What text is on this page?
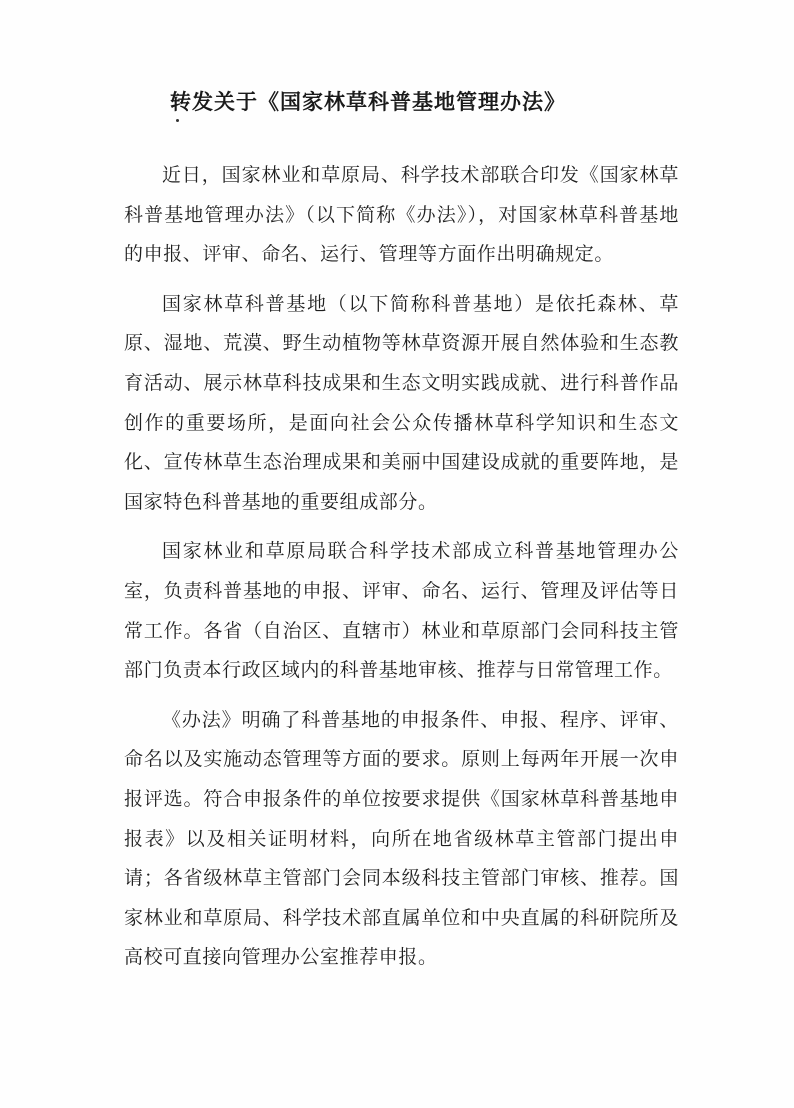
转发关于《国家林草科普基地管理办法》

近日，国家林业和草原局、科学技术部联合印发《国家林草科普基地管理办法》（以下简称《办法》），对国家林草科普基地的申报、评审、命名、运行、管理等方面作出明确规定。

国家林草科普基地（以下简称科普基地）是依托森林、草原、湿地、荒漠、野生动植物等林草资源开展自然体验和生态教育活动、展示林草科技成果和生态文明实践成就、进行科普作品创作的重要场所，是面向社会公众传播林草科学知识和生态文化、宣传林草生态治理成果和美丽中国建设成就的重要阵地，是国家特色科普基地的重要组成部分。

国家林业和草原局联合科学技术部成立科普基地管理办公室，负责科普基地的申报、评审、命名、运行、管理及评估等日常工作。各省（自治区、直辖市）林业和草原部门会同科技主管部门负责本行政区域内的科普基地审核、推荐与日常管理工作。

《办法》明确了科普基地的申报条件、申报、程序、评审、命名以及实施动态管理等方面的要求。原则上每两年开展一次申报评选。符合申报条件的单位按要求提供《国家林草科普基地申报表》以及相关证明材料，向所在地省级林草主管部门提出申请；各省级林草主管部门会同本级科技主管部门审核、推荐。国家林业和草原局、科学技术部直属单位和中央直属的科研院所及高校可直接向管理办公室推荐申报。
